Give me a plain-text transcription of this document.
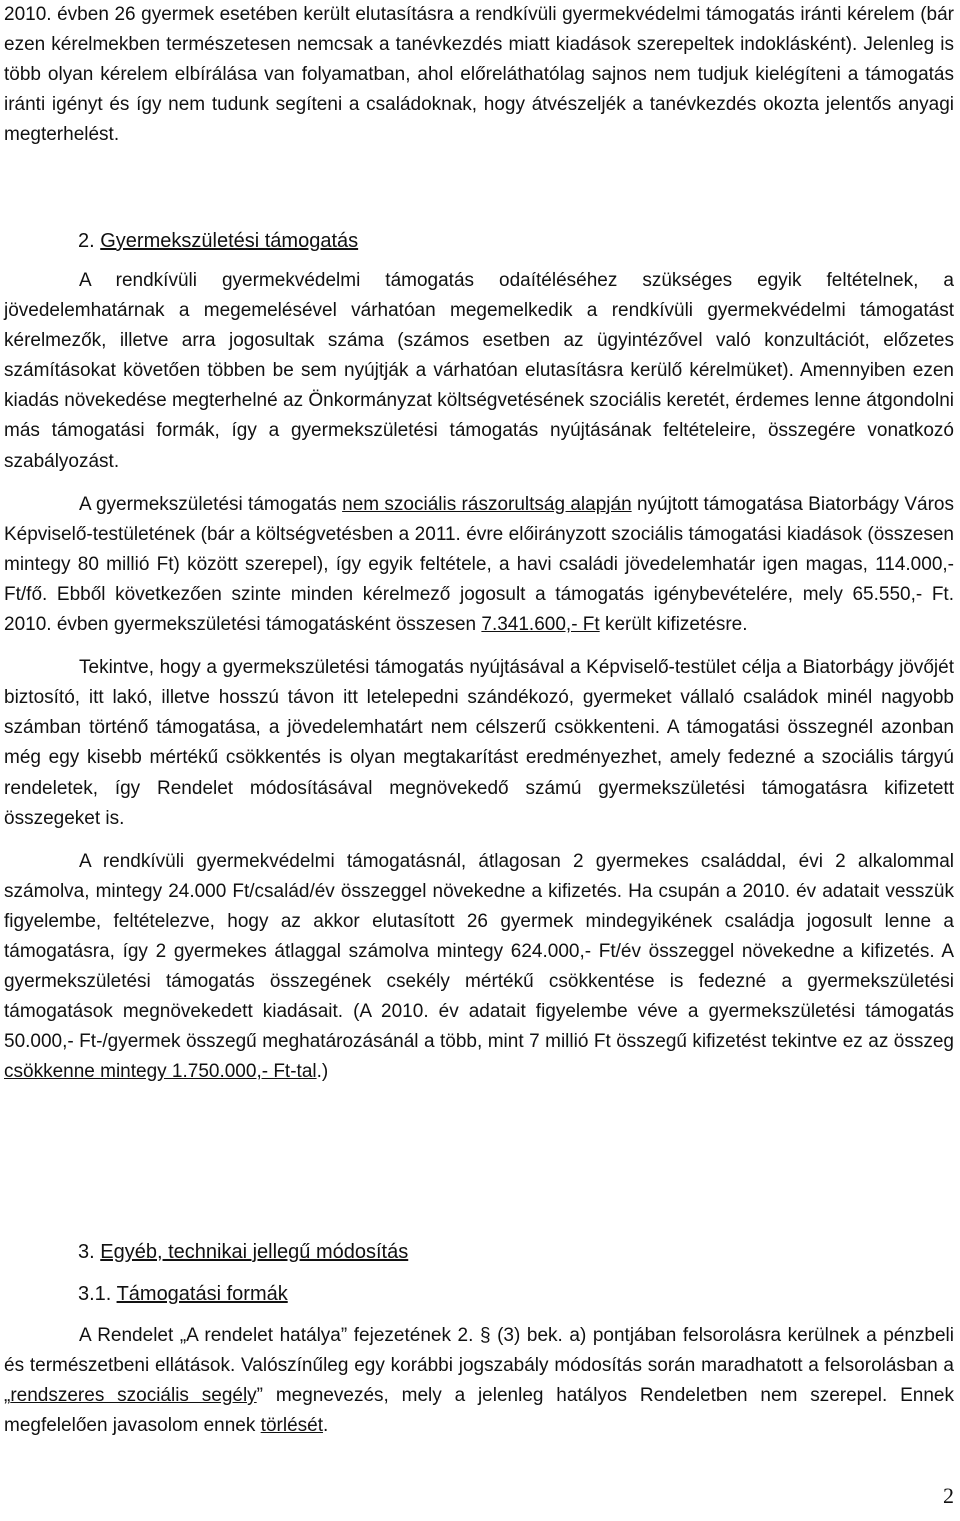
2010. évben 26 gyermek esetében került elutasításra a rendkívüli gyermekvédelmi támogatás iránti kérelem (bár ezen kérelmekben természetesen nemcsak a tanévkezdés miatt kiadások szerepeltek indoklásként). Jelenleg is több olyan kérelem elbírálása van folyamatban, ahol előreláthatólag sajnos nem tudjuk kielégíteni a támogatás iránti igényt és így nem tudunk segíteni a családoknak, hogy átvészeljék a tanévkezdés okozta jelentős anyagi megterhelést.

2. Gyermekszületési támogatás

A rendkívüli gyermekvédelmi támogatás odaítéléséhez szükséges egyik feltételnek, a jövedelemhatárnak a megemelésével várhatóan megemelkedik a rendkívüli gyermekvédelmi támogatást kérelmezők, illetve arra jogosultak száma (számos esetben az ügyintézővel való konzultációt, előzetes számításokat követően többen be sem nyújtják a várhatóan elutasításra kerülő kérelmüket). Amennyiben ezen kiadás növekedése megterhelné az Önkormányzat költségvetésének szociális keretét, érdemes lenne átgondolni más támogatási formák, így a gyermekszületési támogatás nyújtásának feltételeire, összegére vonatkozó szabályozást.

A gyermekszületési támogatás nem szociális rászorultság alapján nyújtott támogatása Biatorbágy Város Képviselő-testületének (bár a költségvetésben a 2011. évre előirányzott szociális támogatási kiadások (összesen mintegy 80 millió Ft) között szerepel), így egyik feltétele, a havi családi jövedelemhatár igen magas, 114.000,- Ft/fő. Ebből következően szinte minden kérelmező jogosult a támogatás igénybevételére, mely 65.550,- Ft. 2010. évben gyermekszületési támogatásként összesen 7.341.600,- Ft került kifizetésre.

Tekintve, hogy a gyermekszületési támogatás nyújtásával a Képviselő-testület célja a Biatorbágy jövőjét biztosító, itt lakó, illetve hosszú távon itt letelepedni szándékozó, gyermeket vállaló családok minél nagyobb számban történő támogatása, a jövedelemhatárt nem célszerű csökkenteni. A támogatási összegnél azonban még egy kisebb mértékű csökkentés is olyan megtakarítást eredményezhet, amely fedezné a szociális tárgyú rendeletek, így Rendelet módosításával megnövekedő számú gyermekszületési támogatásra kifizetett összegeket is.

A rendkívüli gyermekvédelmi támogatásnál, átlagosan 2 gyermekes családdal, évi 2 alkalommal számolva, mintegy 24.000 Ft/család/év összeggel növekedne a kifizetés. Ha csupán a 2010. év adatait vesszük figyelembe, feltételezve, hogy az akkor elutasított 26 gyermek mindegyikének családja jogosult lenne a támogatásra, így 2 gyermekes átlaggal számolva mintegy 624.000,- Ft/év összeggel növekedne a kifizetés. A gyermekszületési támogatás összegének csekély mértékű csökkentése is fedezné a gyermekszületési támogatások megnövekedett kiadásait. (A 2010. év adatait figyelembe véve a gyermekszületési támogatás 50.000,- Ft-/gyermek összegű meghatározásánál a több, mint 7 millió Ft összegű kifizetést tekintve ez az összeg csökkenne mintegy 1.750.000,- Ft-tal.)

3. Egyéb, technikai jellegű módosítás
3.1. Támogatási formák

A Rendelet „A rendelet hatálya” fejezetének 2. § (3) bek. a) pontjában felsorolásra kerülnek a pénzbeli és természetbeni ellátások. Valószínűleg egy korábbi jogszabály módosítás során maradhatott a felsorolásban a „rendszeres szociális segély” megnevezés, mely a jelenleg hatályos Rendeletben nem szerepel. Ennek megfelelően javasolom ennek törlését.

2
